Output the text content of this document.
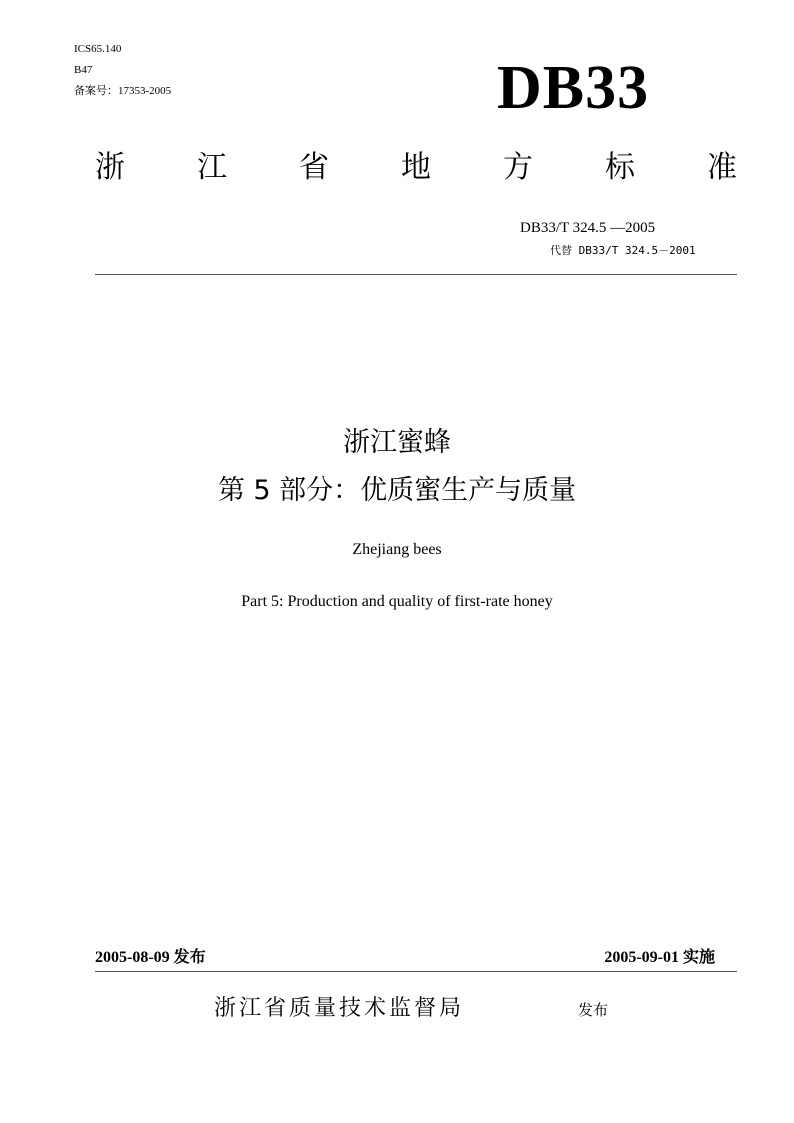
ICS65.140
B47
备案号：17353-2005	DB33
浙 江 省 地 方 标 准
DB33/T 324.5 —2005
代替 DB33/T 324.5－2001
浙江蜜蜂
第 5 部分：优质蜜生产与质量
Zhejiang bees
Part 5: Production and quality of first-rate honey
2005-08-09 发布	2005-09-01 实施
浙江省质量技术监督局	发布
